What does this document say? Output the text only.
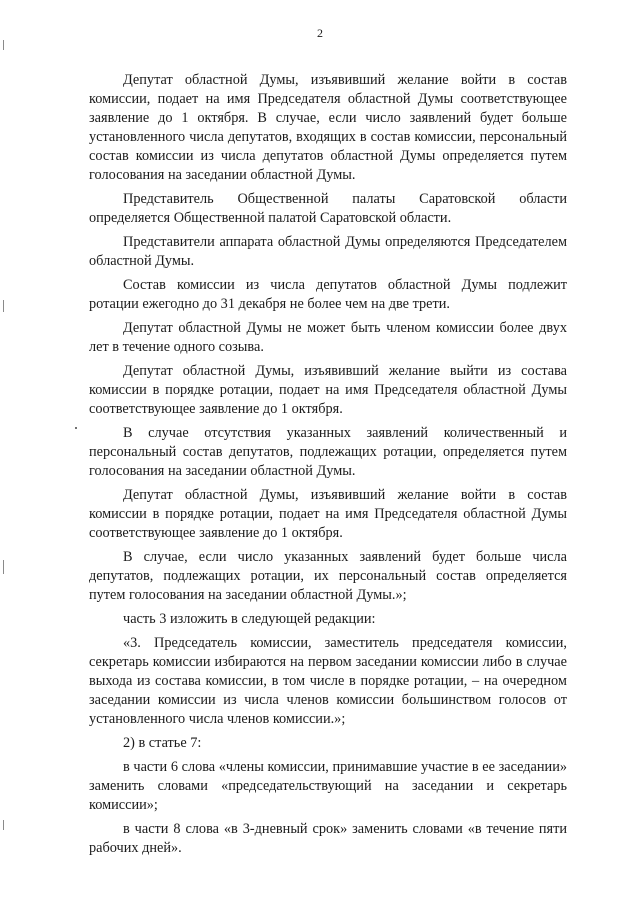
2

Депутат областной Думы, изъявивший желание войти в состав комиссии, подает на имя Председателя областной Думы соответствующее заявление до 1 октября. В случае, если число заявлений будет больше установленного числа депутатов, входящих в состав комиссии, персональный состав комиссии из числа депутатов областной Думы определяется путем голосования на заседании областной Думы.

Представитель Общественной палаты Саратовской области определяется Общественной палатой Саратовской области.

Представители аппарата областной Думы определяются Председателем областной Думы.

Состав комиссии из числа депутатов областной Думы подлежит ротации ежегодно до 31 декабря не более чем на две трети.

Депутат областной Думы не может быть членом комиссии более двух лет в течение одного созыва.

Депутат областной Думы, изъявивший желание выйти из состава комиссии в порядке ротации, подает на имя Председателя областной Думы соответствующее заявление до 1 октября.

В случае отсутствия указанных заявлений количественный и персональный состав депутатов, подлежащих ротации, определяется путем голосования на заседании областной Думы.

Депутат областной Думы, изъявивший желание войти в состав комиссии в порядке ротации, подает на имя Председателя областной Думы соответствующее заявление до 1 октября.

В случае, если число указанных заявлений будет больше числа депутатов, подлежащих ротации, их персональный состав определяется путем голосования на заседании областной Думы.»;

часть 3 изложить в следующей редакции:

«3. Председатель комиссии, заместитель председателя комиссии, секретарь комиссии избираются на первом заседании комиссии либо в случае выхода из состава комиссии, в том числе в порядке ротации, – на очередном заседании комиссии из числа членов комиссии большинством голосов от установленного числа членов комиссии.»;

2) в статье 7:

в части 6 слова «члены комиссии, принимавшие участие в ее заседании» заменить словами «председательствующий на заседании и секретарь комиссии»;

в части 8 слова «в 3-дневный срок» заменить словами «в течение пяти рабочих дней».
